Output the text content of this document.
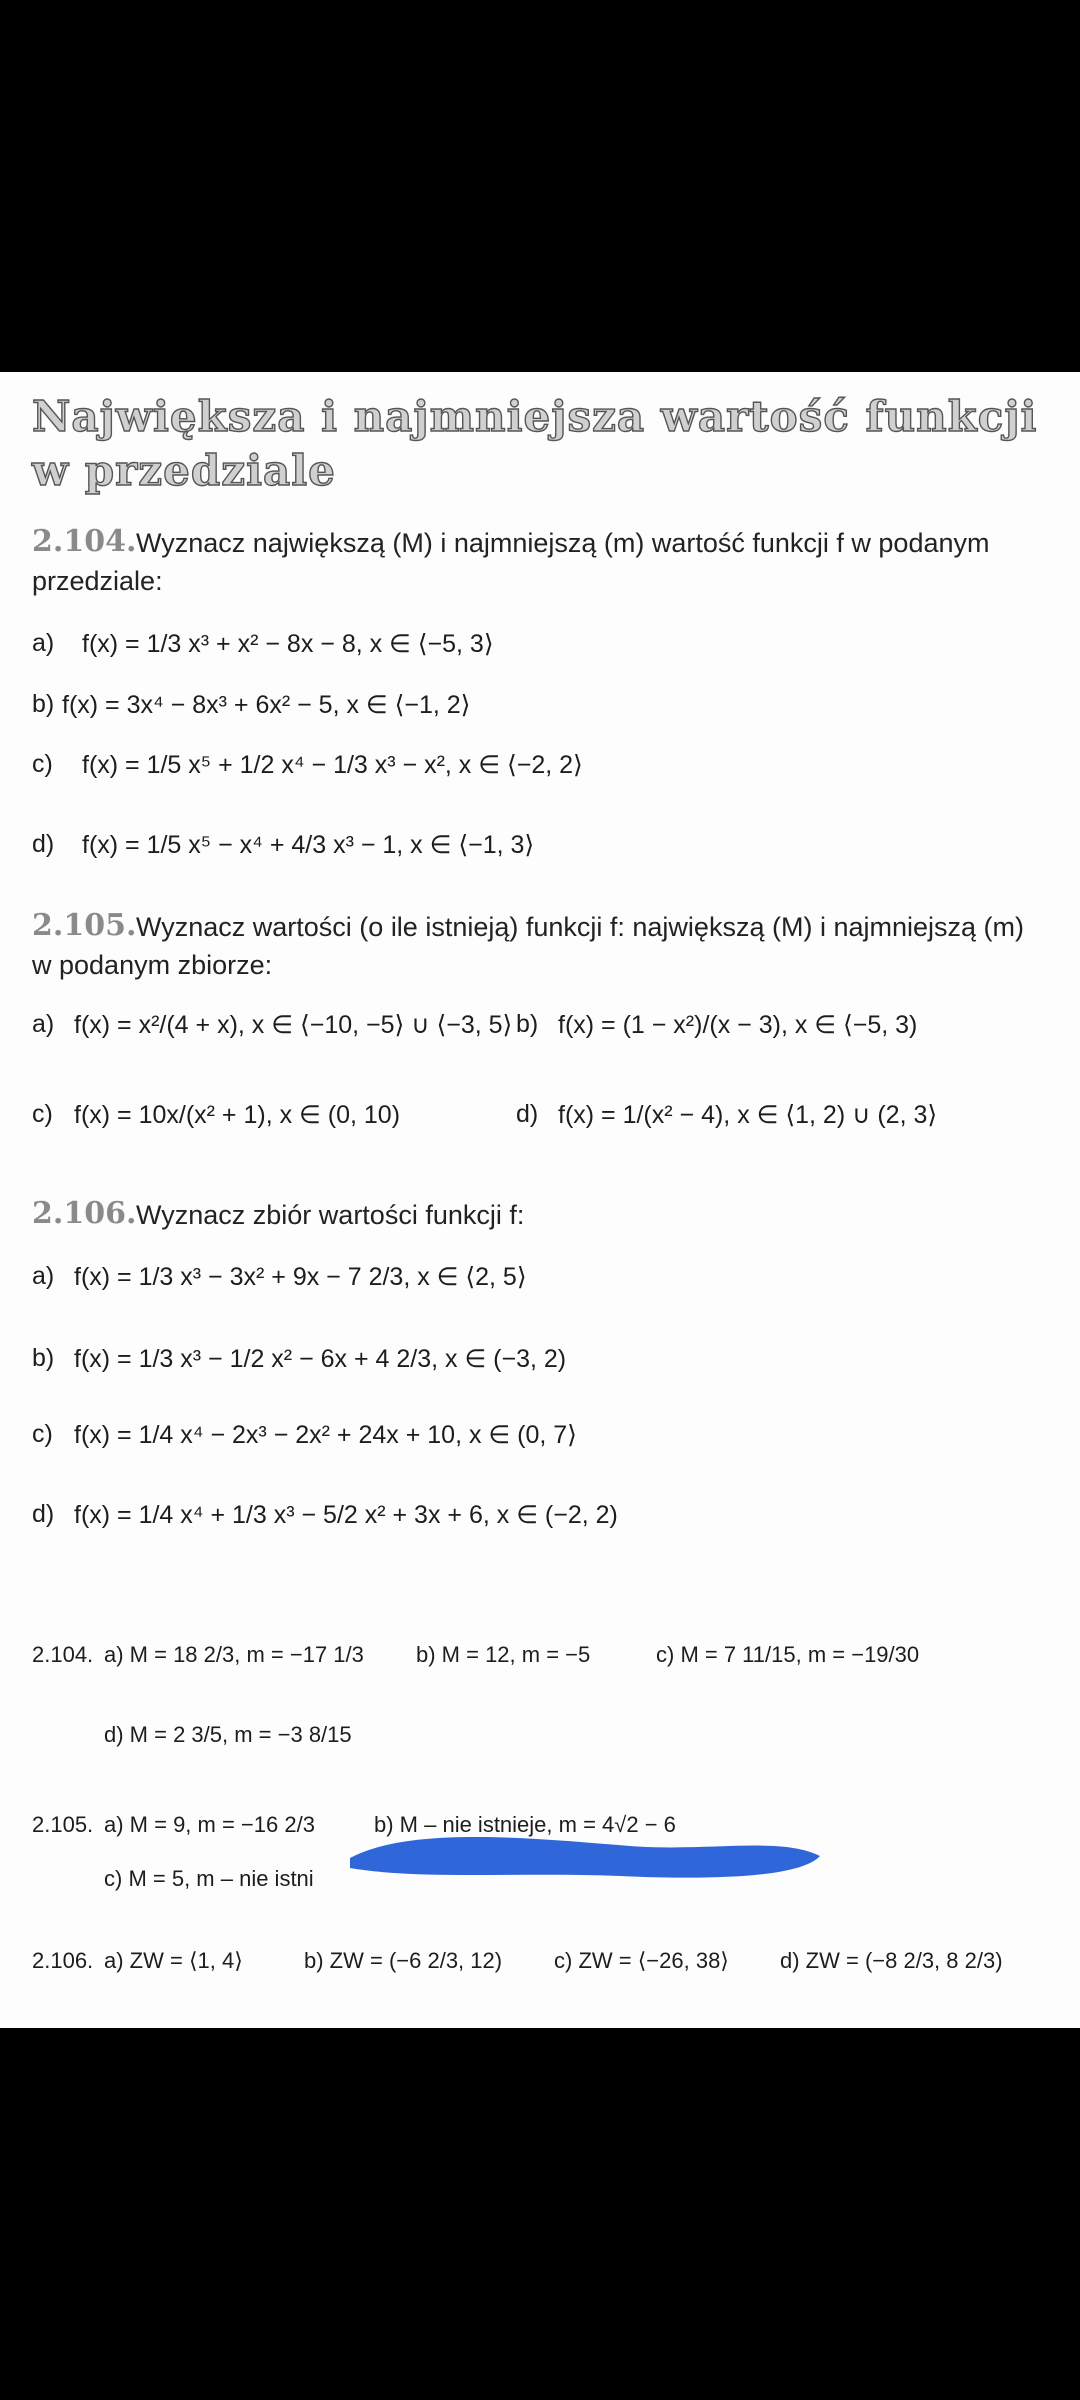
Największa i najmniejsza wartość funkcji
w przedziale
2.104. Wyznacz największą (M) i najmniejszą (m) wartość funkcji f w podanym
przedziale:
a) f(x) = 1/3 x³ + x² − 8x − 8, x ∈ ⟨−5, 3⟩
b) f(x) = 3x⁴ − 8x³ + 6x² − 5, x ∈ ⟨−1, 2⟩
c) f(x) = 1/5 x⁵ + 1/2 x⁴ − 1/3 x³ − x², x ∈ ⟨−2, 2⟩
d) f(x) = 1/5 x⁵ − x⁴ + 4/3 x³ − 1, x ∈ ⟨−1, 3⟩
2.105. Wyznacz wartości (o ile istnieją) funkcji f: największą (M) i najmniejszą (m)
w podanym zbiorze:
a) f(x) = x²/(4 + x), x ∈ ⟨−10, −5⟩ ∪ ⟨−3, 5⟩ b) f(x) = (1 − x²)/(x − 3), x ∈ ⟨−5, 3)
c) f(x) = 10x/(x² + 1), x ∈ (0, 10)	d) f(x) = 1/(x² − 4), x ∈ ⟨1, 2) ∪ (2, 3⟩
2.106. Wyznacz zbiór wartości funkcji f:
a) f(x) = 1/3 x³ − 3x² + 9x − 7 2/3, x ∈ ⟨2, 5⟩
b) f(x) = 1/3 x³ − 1/2 x² − 6x + 4 2/3, x ∈ (−3, 2)
c) f(x) = 1/4 x⁴ − 2x³ − 2x² + 24x + 10, x ∈ (0, 7⟩
d) f(x) = 1/4 x⁴ + 1/3 x³ − 5/2 x² + 3x + 6, x ∈ (−2, 2)
2.104. a) M = 18 2/3, m = −17 1/3 b) M = 12, m = −5	c) M = 7 11/15, m = −19/30
d) M = 2 3/5, m = −3 8/15
2.105. a) M = 9, m = −16 2/3	b) M – nie istnieje, m = 4√2 − 6
c) M = 5, m – nie istni
2.106. a) ZW = ⟨1, 4⟩	b) ZW = (−6 2/3, 12) c) ZW = ⟨−26, 38⟩ d) ZW = (−8 2/3, 8 2/3)
